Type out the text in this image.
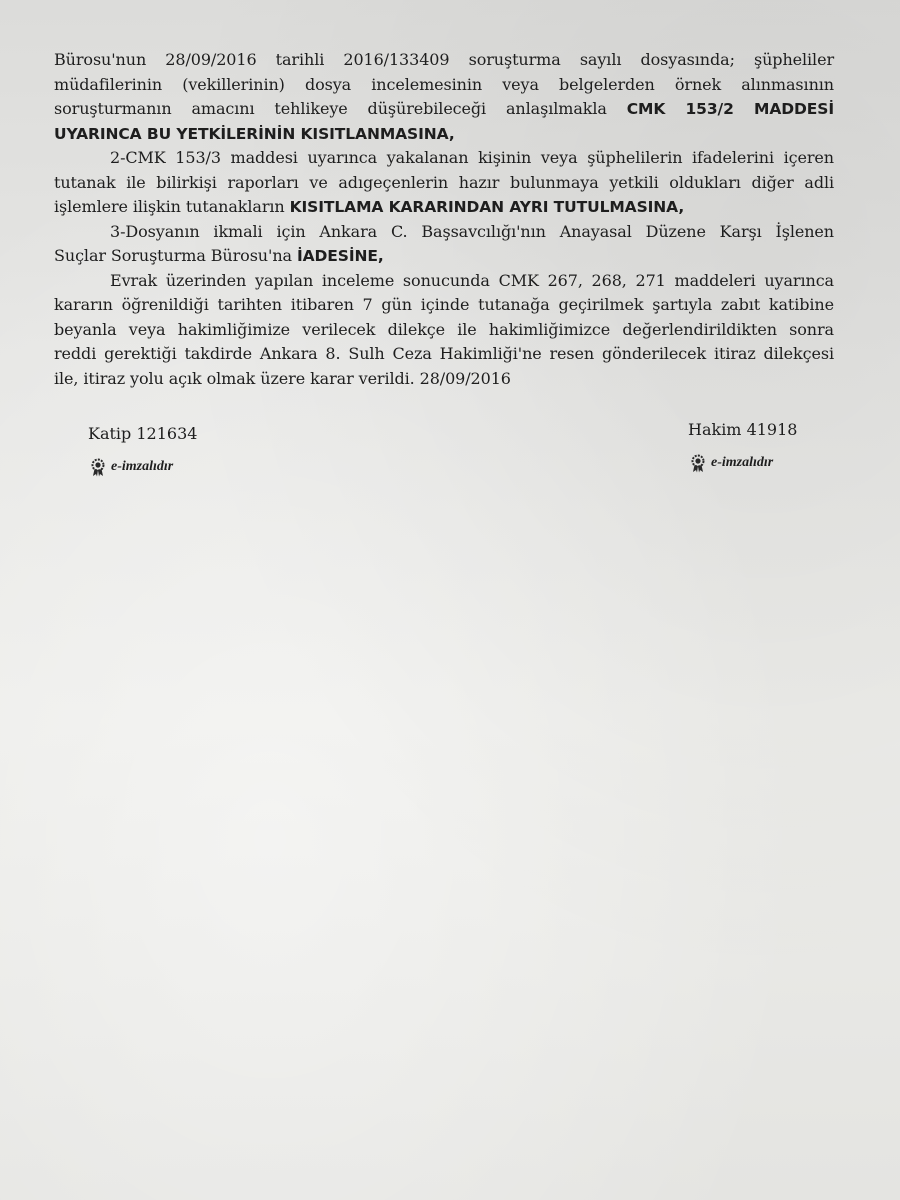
Bürosu'nun 28/09/2016 tarihli 2016/133409 soruşturma sayılı dosyasında; şüpheliler
müdafilerinin (vekillerinin) dosya incelemesinin veya belgelerden örnek alınmasının
soruşturmanın amacını tehlikeye düşürebileceği anlaşılmakla CMK 153/2 MADDESİ
UYARINCA BU YETKİLERİNİN KISITLANMASINA,
2-CMK 153/3 maddesi uyarınca yakalanan kişinin veya şüphelilerin ifadelerini içeren
tutanak ile bilirkişi raporları ve adıgeçenlerin hazır bulunmaya yetkili oldukları diğer adli
işlemlere ilişkin tutanakların KISITLAMA KARARINDAN AYRI TUTULMASINA,
3-Dosyanın ikmali için Ankara C. Başsavcılığı'nın Anayasal Düzene Karşı İşlenen
Suçlar Soruşturma Bürosu'na İADESİNE,
Evrak üzerinden yapılan inceleme sonucunda CMK 267, 268, 271 maddeleri uyarınca
kararın öğrenildiği tarihten itibaren 7 gün içinde tutanağa geçirilmek şartıyla zabıt katibine
beyanla veya hakimliğimize verilecek dilekçe ile hakimliğimizce değerlendirildikten sonra
reddi gerektiği takdirde Ankara 8. Sulh Ceza Hakimliği'ne resen gönderilecek itiraz dilekçesi
ile, itiraz yolu açık olmak üzere karar verildi. 28/09/2016
Katip 121634
e-imzalıdır
Hakim 41918
e-imzalıdır
